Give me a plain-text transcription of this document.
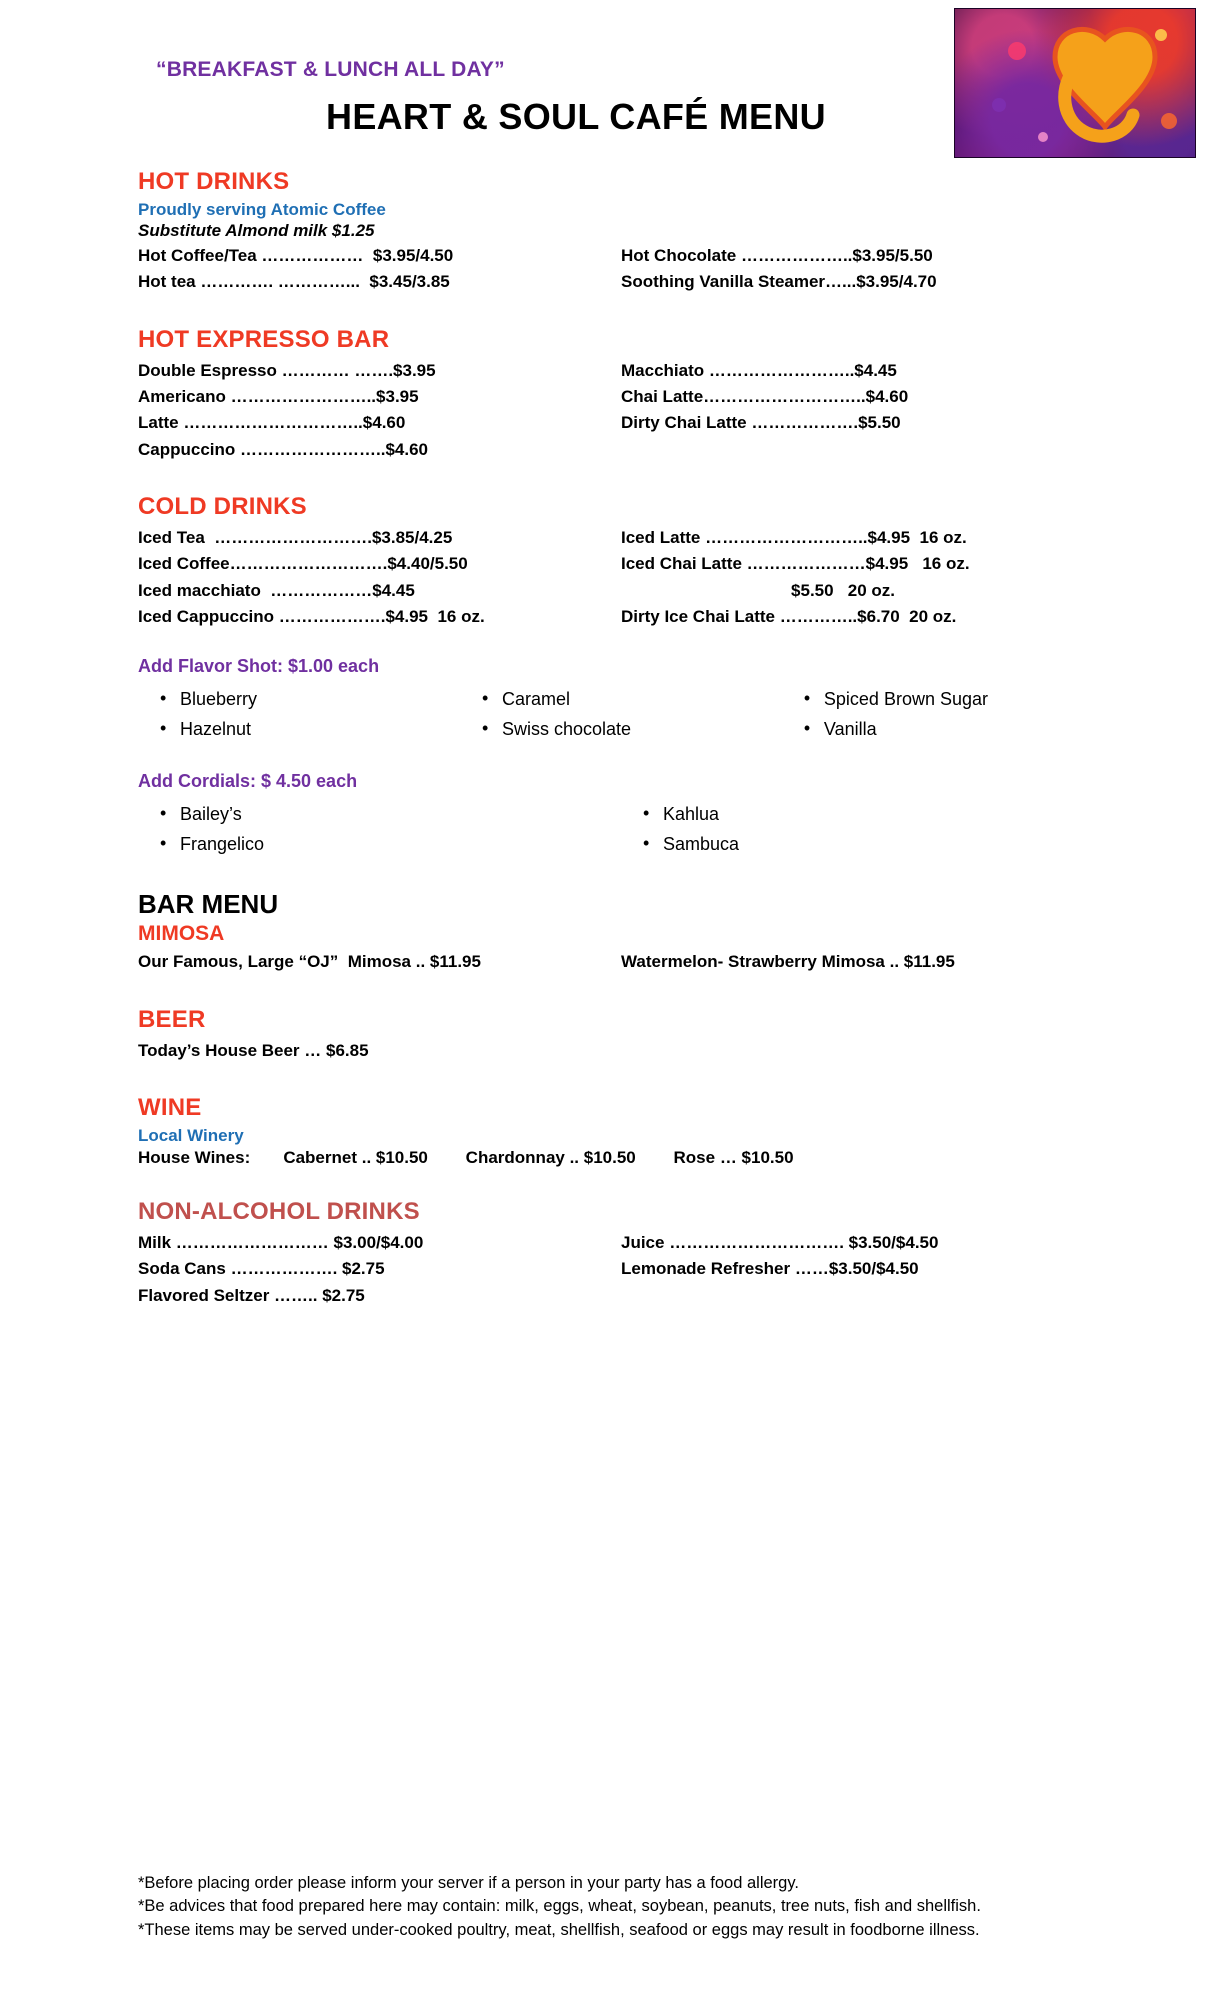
“BREAKFAST & LUNCH ALL DAY”
HEART & SOUL CAFÉ MENU
HOT DRINKS
Proudly serving Atomic Coffee
Substitute Almond milk $1.25
Hot Coffee/Tea ………………  $3.95/4.50
Hot tea …………. …………...  $3.45/3.85
Hot Chocolate ………………..$3.95/5.50
Soothing Vanilla Steamer…...$3.95/4.70
HOT EXPRESSO BAR
Double Espresso ………… …….$3.95
Americano ……………………..$3.95
Latte …………………………..$4.60
Cappuccino ……………………..$4.60
Macchiato ……………………..$4.45
Chai Latte………………………..$4.60
Dirty Chai Latte ……………….$5.50
COLD DRINKS
Iced Tea  ……………………….$3.85/4.25
Iced Coffee……………………….$4.40/5.50
Iced macchiato  ………………$4.45
Iced Cappuccino ……………….$4.95  16 oz.
Iced Latte ………………………..$4.95  16 oz.
Iced Chai Latte …………………$4.95   16 oz.
$5.50   20 oz.
Dirty Ice Chai Latte …………..$6.70  20 oz.
Add Flavor Shot: $1.00 each
• Blueberry	• Caramel	• Spiced Brown Sugar
• Hazelnut	• Swiss chocolate	• Vanilla
Add Cordials: $ 4.50 each
• Bailey’s	• Kahlua
• Frangelico	• Sambuca
BAR MENU
MIMOSA
Our Famous, Large “OJ”  Mimosa .. $11.95	Watermelon- Strawberry Mimosa .. $11.95
BEER
Today’s House Beer … $6.85
WINE
Local Winery
House Wines:       Cabernet .. $10.50        Chardonnay .. $10.50        Rose … $10.50
NON-ALCOHOL DRINKS
Milk ……………………… $3.00/$4.00
Soda Cans ………………. $2.75
Flavored Seltzer …….. $2.75
Juice …………………………. $3.50/$4.50
Lemonade Refresher ……$3.50/$4.50

*Before placing order please inform your server if a person in your party has a food allergy.

*Be advices that food prepared here may contain: milk, eggs, wheat, soybean, peanuts, tree nuts, fish and shellfish.

*These items may be served under-cooked poultry, meat, shellfish, seafood or eggs may result in foodborne illness.
